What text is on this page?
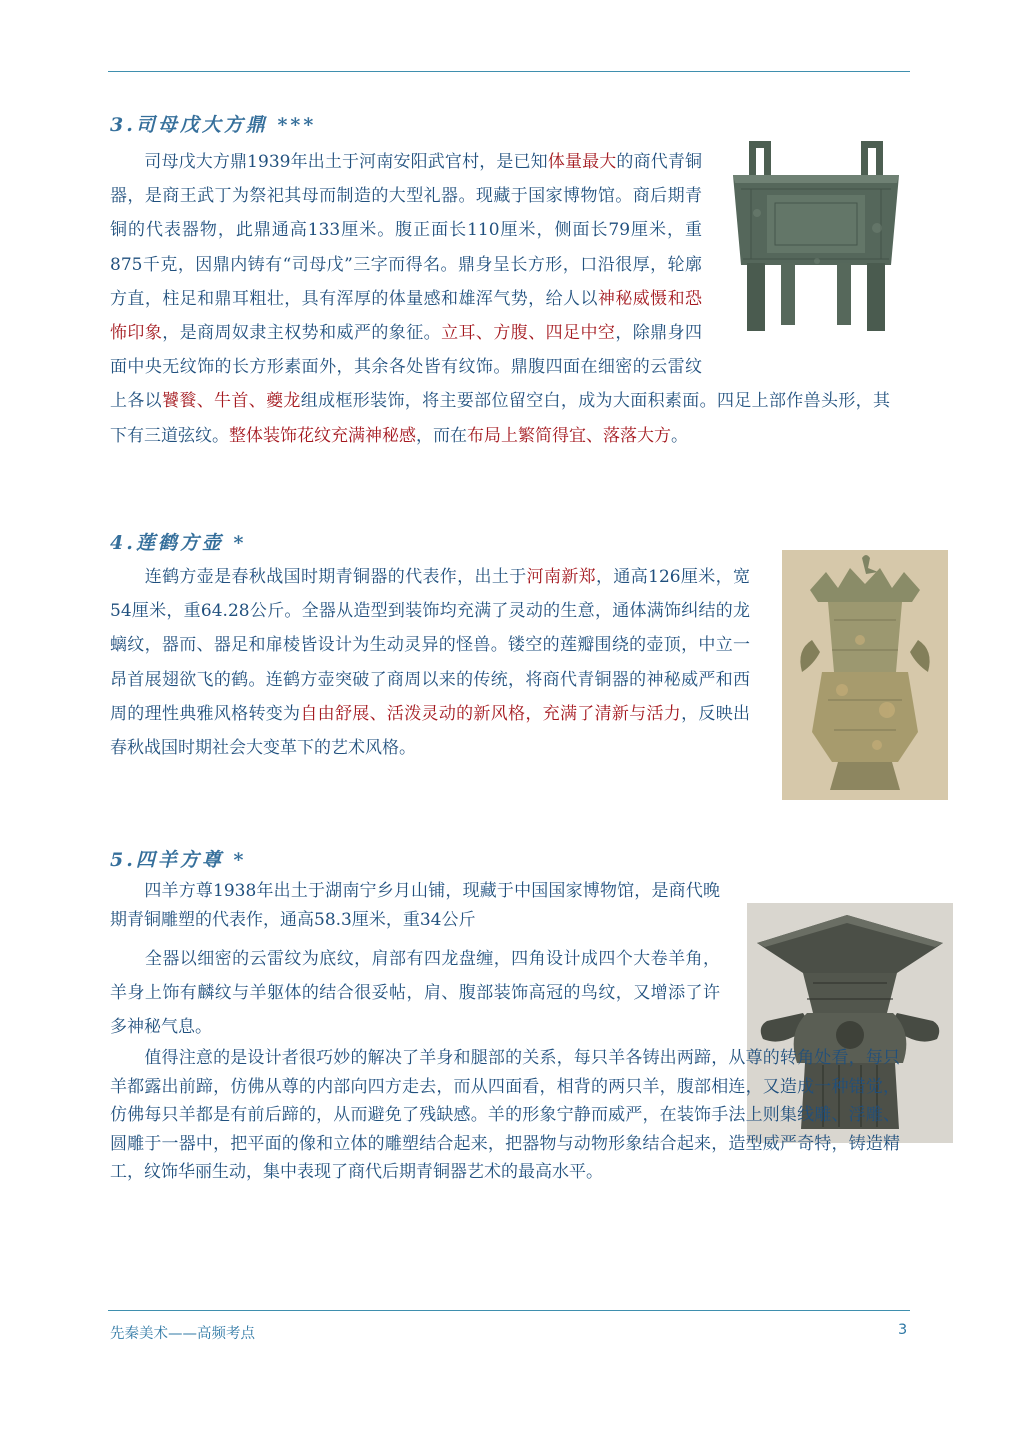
3.司母戊大方鼎 ***
　　司母戊大方鼎1939年出土于河南安阳武官村，是已知体量最大的商代青铜器，是商王武丁为祭祀其母而制造的大型礼器。现藏于国家博物馆。商后期青铜的代表器物，此鼎通高133厘米。腹正面长110厘米，侧面长79厘米，重875千克，因鼎内铸有“司母戊”三字而得名。鼎身呈长方形，口沿很厚，轮廓方直，柱足和鼎耳粗壮，具有浑厚的体量感和雄浑气势，给人以神秘威慑和恐怖印象，是商周奴隶主权势和威严的象征。立耳、方腹、四足中空，除鼎身四面中央无纹饰的长方形素面外，其余各处皆有纹饰。鼎腹四面在细密的云雷纹上各以饕餮、牛首、夔龙组成框形装饰，将主要部位留空白，成为大面积素面。四足上部作兽头形，其下有三道弦纹。整体装饰花纹充满神秘感，而在布局上繁简得宜、落落大方。
4.莲鹤方壶 *
　　连鹤方壶是春秋战国时期青铜器的代表作，出土于河南新郑，通高126厘米，宽54厘米，重64.28公斤。全器从造型到装饰均充满了灵动的生意，通体满饰纠结的龙螭纹，器而、器足和扉棱皆设计为生动灵异的怪兽。镂空的莲瓣围绕的壶顶，中立一昂首展翅欲飞的鹤。连鹤方壶突破了商周以来的传统，将商代青铜器的神秘威严和西周的理性典雅风格转变为自由舒展、活泼灵动的新风格，充满了清新与活力，反映出春秋战国时期社会大变革下的艺术风格。
5.四羊方尊 *
　　四羊方尊1938年出土于湖南宁乡月山铺，现藏于中国国家博物馆，是商代晚期青铜雕塑的代表作，通高58.3厘米，重34公斤
　　全器以细密的云雷纹为底纹，肩部有四龙盘缠，四角设计成四个大卷羊角，羊身上饰有麟纹与羊躯体的结合很妥帖，肩、腹部装饰高冠的鸟纹，又增添了许多神秘气息。
　　值得注意的是设计者很巧妙的解决了羊身和腿部的关系，每只羊各铸出两蹄，从尊的转角处看，每只羊都露出前蹄，仿佛从尊的内部向四方走去，而从四面看，相背的两只羊，腹部相连，又造成一种错觉，仿佛每只羊都是有前后蹄的，从而避免了残缺感。羊的形象宁静而威严，在装饰手法上则集线雕、浮雕、圆雕于一器中，把平面的像和立体的雕塑结合起来，把器物与动物形象结合起来，造型威严奇特，铸造精工，纹饰华丽生动，集中表现了商代后期青铜器艺术的最高水平。
先秦美术——高频考点	3
